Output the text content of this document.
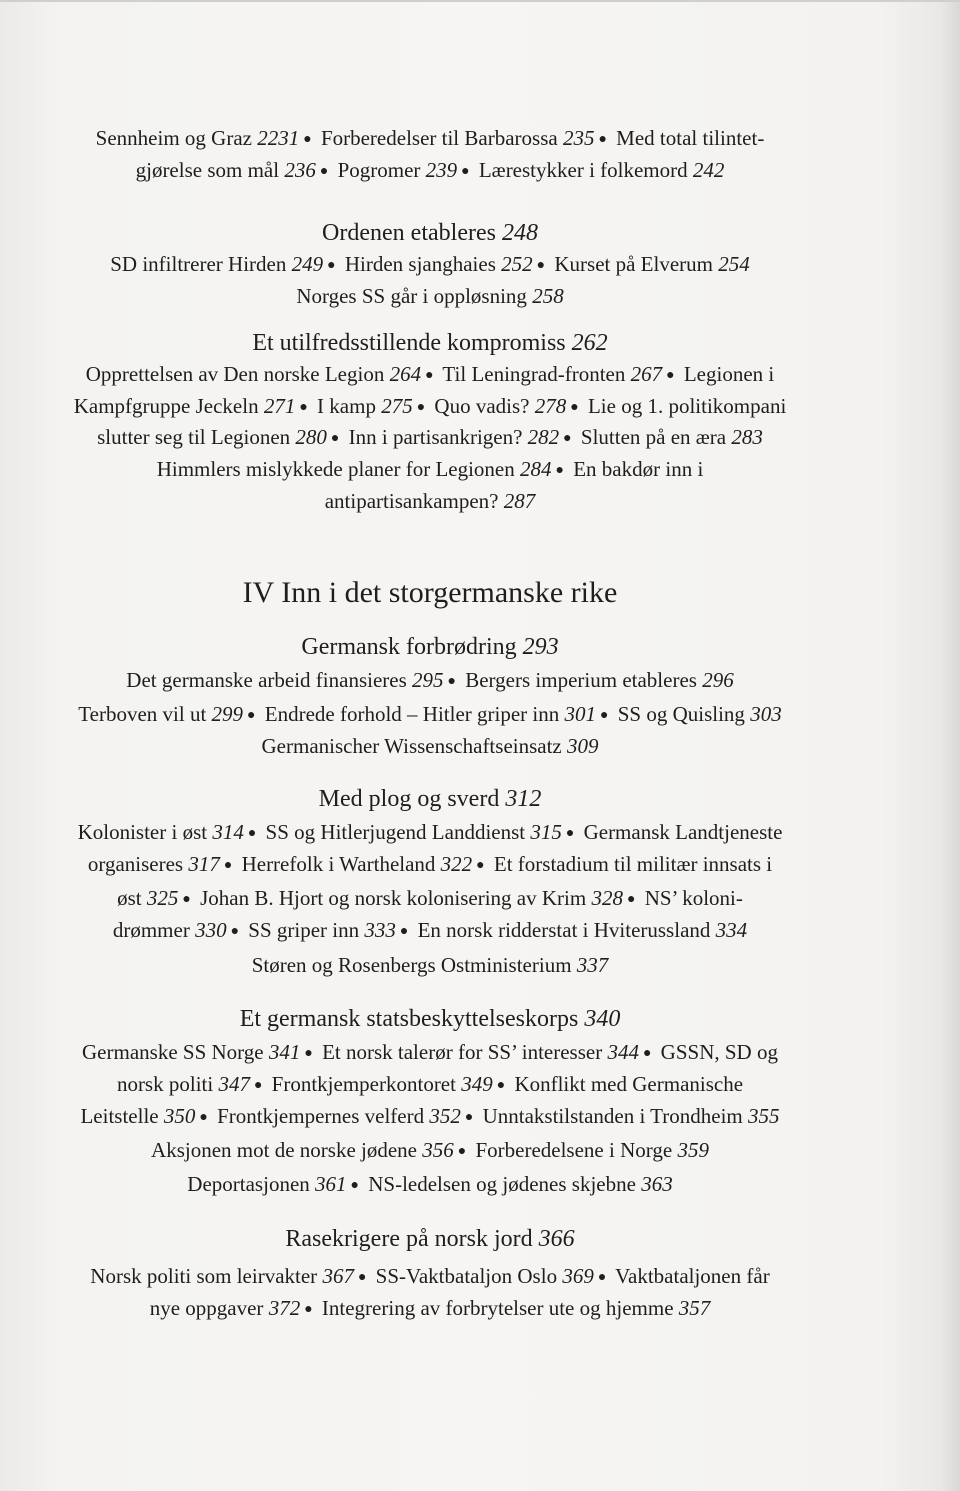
Sennheim og Graz 2231 ● Forberedelser til Barbarossa 235 ● Med total tilintet-
gjørelse som mål 236 ● Pogromer 239 ● Lærestykker i folkemord 242
Ordenen etableres 248
SD infiltrerer Hirden 249 ● Hirden sjanghaies 252 ● Kurset på Elverum 254
Norges SS går i oppløsning 258
Et utilfredsstillende kompromiss 262
Opprettelsen av Den norske Legion 264 ● Til Leningrad-fronten 267 ● Legionen i
Kampfgruppe Jeckeln 271 ● I kamp 275 ● Quo vadis? 278 ● Lie og 1. politikompani
slutter seg til Legionen 280 ● Inn i partisankrigen? 282 ● Slutten på en æra 283
Himmlers mislykkede planer for Legionen 284 ● En bakdør inn i
antipartisankampen? 287
IV Inn i det storgermanske rike
Germansk forbrødring 293
Det germanske arbeid finansieres 295 ● Bergers imperium etableres 296
Terboven vil ut 299 ● Endrede forhold – Hitler griper inn 301 ● SS og Quisling 303
Germanischer Wissenschaftseinsatz 309
Med plog og sverd 312
Kolonister i øst 314 ● SS og Hitlerjugend Landdienst 315 ● Germansk Landtjeneste
organiseres 317 ● Herrefolk i Wartheland 322 ● Et forstadium til militær innsats i
øst 325 ● Johan B. Hjort og norsk kolonisering av Krim 328 ● NS’ koloni-
drømmer 330 ● SS griper inn 333 ● En norsk ridderstat i Hviterussland 334
Støren og Rosenbergs Ostministerium 337
Et germansk statsbeskyttelseskorps 340
Germanske SS Norge 341 ● Et norsk talerør for SS’ interesser 344 ● GSSN, SD og
norsk politi 347 ● Frontkjemperkontoret 349 ● Konflikt med Germanische
Leitstelle 350 ● Frontkjempernes velferd 352 ● Unntakstilstanden i Trondheim 355
Aksjonen mot de norske jødene 356 ● Forberedelsene i Norge 359
Deportasjonen 361 ● NS-ledelsen og jødenes skjebne 363
Rasekrigere på norsk jord 366
Norsk politi som leirvakter 367 ● SS-Vaktbataljon Oslo 369 ● Vaktbataljonen får
nye oppgaver 372 ● Integrering av forbrytelser ute og hjemme 357
